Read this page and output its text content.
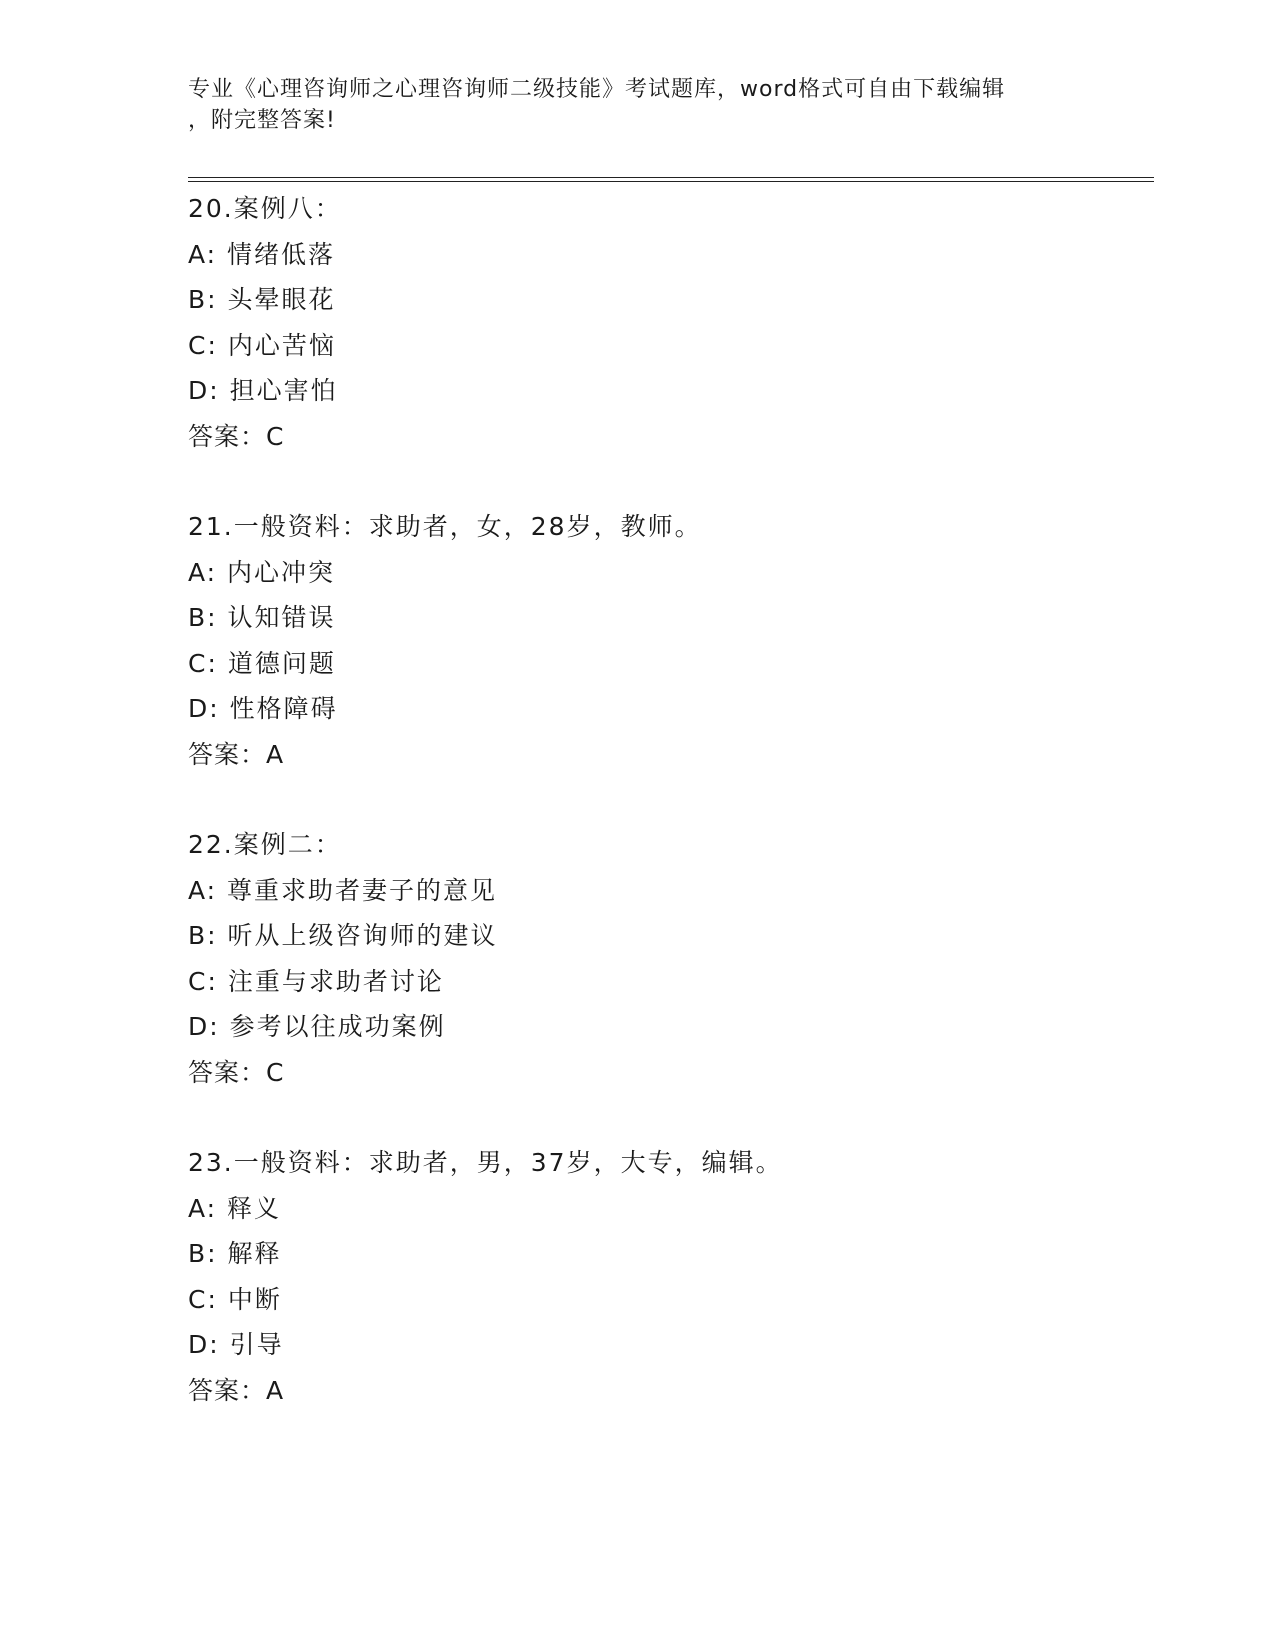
专业《心理咨询师之心理咨询师二级技能》考试题库，word格式可自由下载编辑
，附完整答案!
20.案例八：
A: 情绪低落
B: 头晕眼花
C: 内心苦恼
D: 担心害怕
答案：C
21.一般资料：求助者，女，28岁，教师。
A: 内心冲突
B: 认知错误
C: 道德问题
D: 性格障碍
答案：A
22.案例二：
A: 尊重求助者妻子的意见
B: 听从上级咨询师的建议
C: 注重与求助者讨论
D: 参考以往成功案例
答案：C
23.一般资料：求助者，男，37岁，大专，编辑。
A: 释义
B: 解释
C: 中断
D: 引导
答案：A
